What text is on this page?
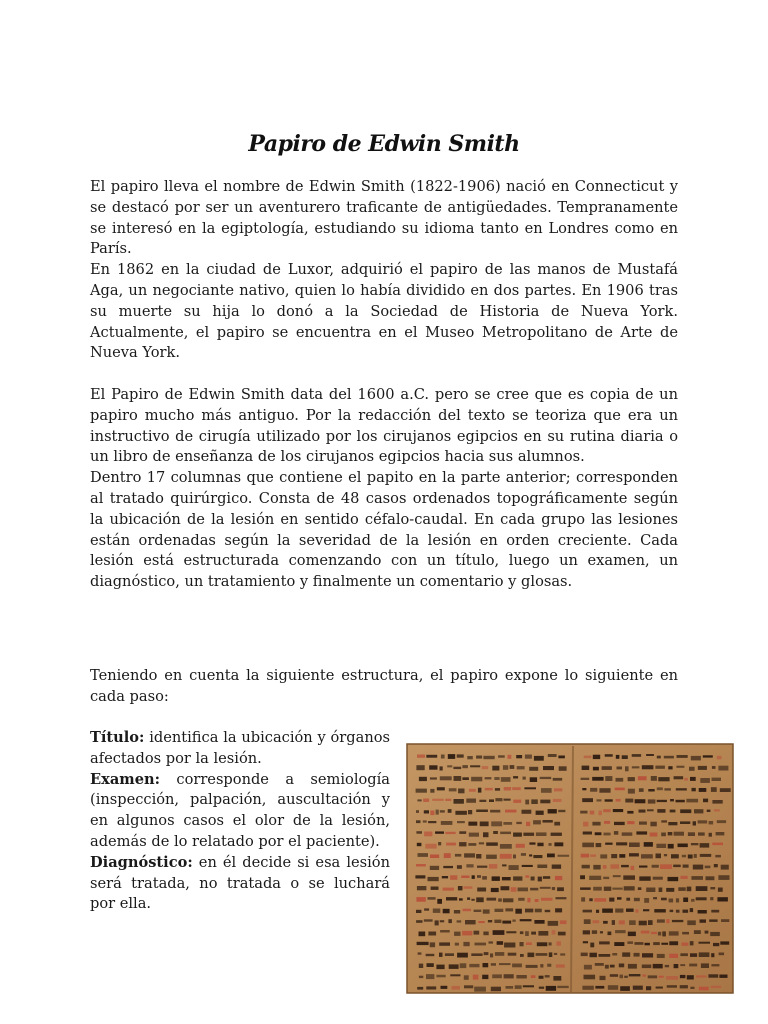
Papiro de Edwin Smith
El papiro lleva el nombre de Edwin Smith (1822-1906) nació en Connecticut y se destacó por ser un aventurero traficante de antigüedades. Tempranamente se interesó en la egiptología, estudiando su idioma tanto en Londres como en París.
En 1862 en la ciudad de Luxor, adquirió el papiro de las manos de Mustafá Aga, un negociante nativo, quien lo había dividido en dos partes. En 1906 tras su muerte su hija lo donó a la Sociedad de Historia de Nueva York. Actualmente, el papiro se encuentra en el Museo Metropolitano de Arte de Nueva York.
El Papiro de Edwin Smith data del 1600 a.C. pero se cree que es copia de un papiro mucho más antiguo. Por la redacción del texto se teoriza que era un instructivo de cirugía utilizado por los cirujanos egipcios en su rutina diaria o un libro de enseñanza de los cirujanos egipcios hacia sus alumnos.
Dentro 17 columnas que contiene el papito en la parte anterior; corresponden al tratado quirúrgico. Consta de 48 casos ordenados topográficamente según la ubicación de la lesión en sentido céfalo-caudal. En cada grupo las lesiones están ordenadas según la severidad de la lesión en orden creciente. Cada lesión está estructurada comenzando con un título, luego un examen, un diagnóstico, un tratamiento y finalmente un comentario y glosas.
Teniendo en cuenta la siguiente estructura, el papiro expone lo siguiente en cada paso:

Título: identifica la ubicación y órganos afectados por la lesión.

Examen: corresponde a semiología (inspección, palpación, auscultación y en algunos casos el olor de la lesión, además de lo relatado por el paciente).

Diagnóstico: en él decide si esa lesión será tratada, no tratada o se luchará por ella.
